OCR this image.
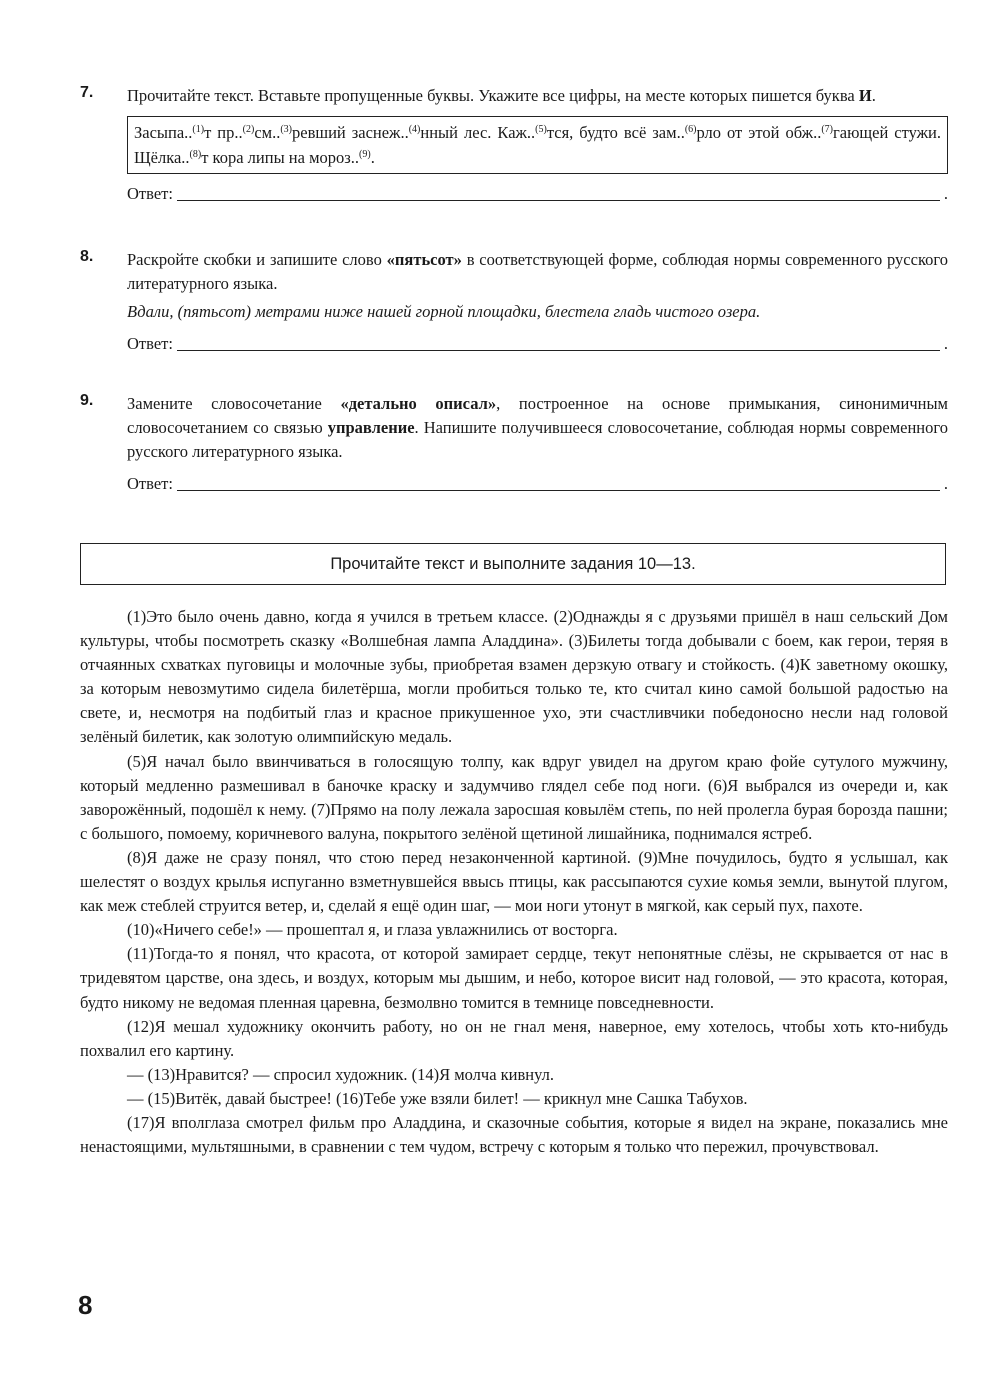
7. Прочитайте текст. Вставьте пропущенные буквы. Укажите все цифры, на месте которых пишется буква И.

Засыпа..$^{(1)}$т пр..$^{(2)}$см..$^{(3)}$ревший заснеж..$^{(4)}$нный лес. Каж..$^{(5)}$тся, будто всё зам..$^{(6)}$рло от этой обж..$^{(7)}$гающей стужи. Щёлка..$^{(8)}$т кора липы на мороз..$^{(9)}$.
Ответ:	.
8. Раскройте скобки и запишите слово «пятьсот» в соответствующей форме, соблюдая нормы современного русского литературного языка.

Вдали, (пятьсот) метрами ниже нашей горной площадки, блестела гладь чистого озера.

Ответ:	.
9. Замените словосочетание «детально описал», построенное на основе примыкания, синонимичным словосочетанием со связью управление. Напишите получившееся словосочетание, соблюдая нормы современного русского литературного языка.

Ответ:	.
Прочитайте текст и выполните задания 10—13.

(1)Это было очень давно, когда я учился в третьем классе. (2)Однажды я с друзьями пришёл в наш сельский Дом культуры, чтобы посмотреть сказку «Волшебная лампа Аладдина». (3)Билеты тогда добывали с боем, как герои, теряя в отчаянных схватках пуговицы и молочные зубы, приобретая взамен дерзкую отвагу и стойкость. (4)К заветному окошку, за которым невозмутимо сидела билетёрша, могли пробиться только те, кто считал кино самой большой радостью на свете, и, несмотря на подбитый глаз и красное прикушенное ухо, эти счастливчики победоносно несли над головой зелёный билетик, как золотую олимпийскую медаль.

(5)Я начал было ввинчиваться в голосящую толпу, как вдруг увидел на другом краю фойе сутулого мужчину, который медленно размешивал в баночке краску и задумчиво глядел себе под ноги. (6)Я выбрался из очереди и, как заворожённый, подошёл к нему. (7)Прямо на полу лежала заросшая ковылём степь, по ней пролегла бурая борозда пашни; с большого, помоему, коричневого валуна, покрытого зелёной щетиной лишайника, поднимался ястреб.

(8)Я даже не сразу понял, что стою перед незаконченной картиной. (9)Мне почудилось, будто я услышал, как шелестят о воздух крылья испуганно взметнувшейся ввысь птицы, как рассыпаются сухие комья земли, вынутой плугом, как меж стеблей струится ветер, и, сделай я ещё один шаг, — мои ноги утонут в мягкой, как серый пух, пахоте.

(10)«Ничего себе!» — прошептал я, и глаза увлажнились от восторга.

(11)Тогда-то я понял, что красота, от которой замирает сердце, текут непонятные слёзы, не скрывается от нас в тридевятом царстве, она здесь, и воздух, которым мы дышим, и небо, которое висит над головой, — это красота, которая, будто никому не ведомая пленная царевна, безмолвно томится в темнице повседневности.

(12)Я мешал художнику окончить работу, но он не гнал меня, наверное, ему хотелось, чтобы хоть кто-нибудь похвалил его картину.

— (13)Нравится? — спросил художник. (14)Я молча кивнул.

— (15)Витёк, давай быстрее! (16)Тебе уже взяли билет! — крикнул мне Сашка Табухов.

(17)Я вполглаза смотрел фильм про Аладдина, и сказочные события, которые я видел на экране, показались мне ненастоящими, мультяшными, в сравнении с тем чудом, встречу с которым я только что пережил, прочувствовал.

8
